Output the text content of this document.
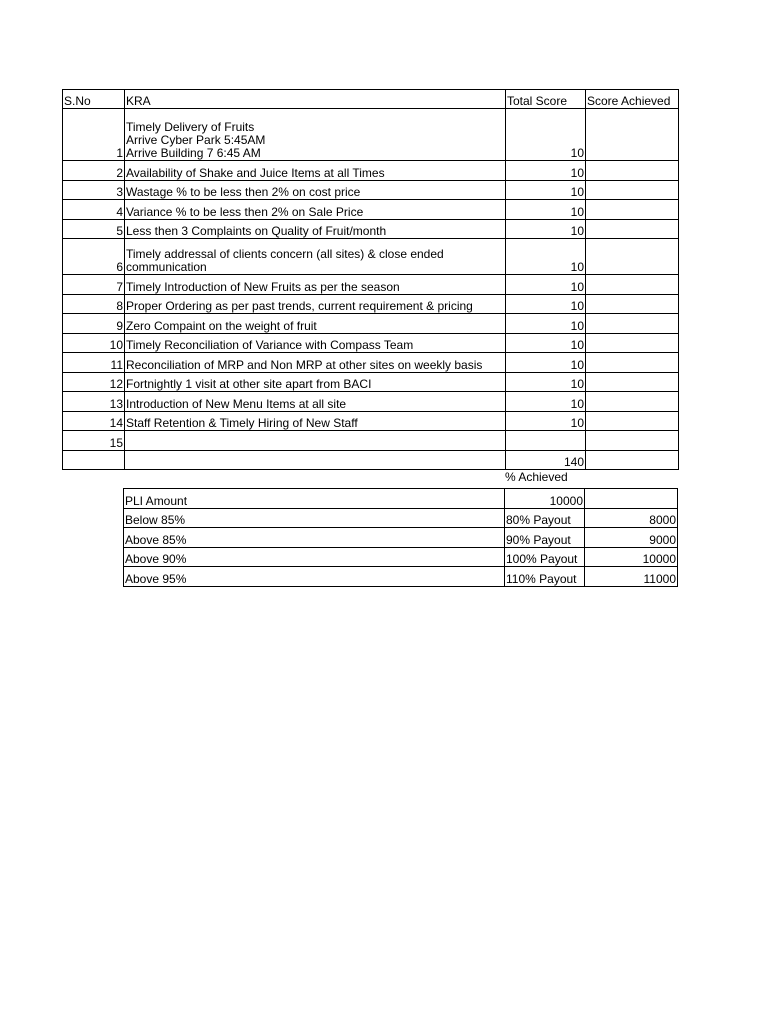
S.No	KRA	Total Score	Score Achieved
1	Timely Delivery of Fruits
Arrive Cyber Park 5:45AM
Arrive Building 7 6:45 AM	10	
2	Availability of Shake and Juice Items at all Times	10	
3	Wastage % to be less then 2% on cost price	10	
4	Variance % to be less then 2% on Sale Price	10	
5	Less then 3 Complaints on Quality of Fruit/month	10	
6	Timely addressal of clients concern (all sites) & close ended
communication	10	
7	Timely Introduction of New Fruits as per the season	10	
8	Proper Ordering as per past trends, current requirement & pricing	10	
9	Zero Compaint on the weight of fruit	10	
10	Timely Reconciliation of Variance with Compass Team	10	
11	Reconciliation of MRP and Non MRP at other sites on weekly basis	10	
12	Fortnightly 1 visit at other site apart from BACI	10	
13	Introduction of New Menu Items at all site	10	
14	Staff Retention & Timely Hiring of New Staff	10	
15			
		140	
% Achieved
PLI Amount	10000	
Below 85%	80% Payout	8000
Above 85%	90% Payout	9000
Above 90%	100% Payout	10000
Above 95%	110% Payout	11000
